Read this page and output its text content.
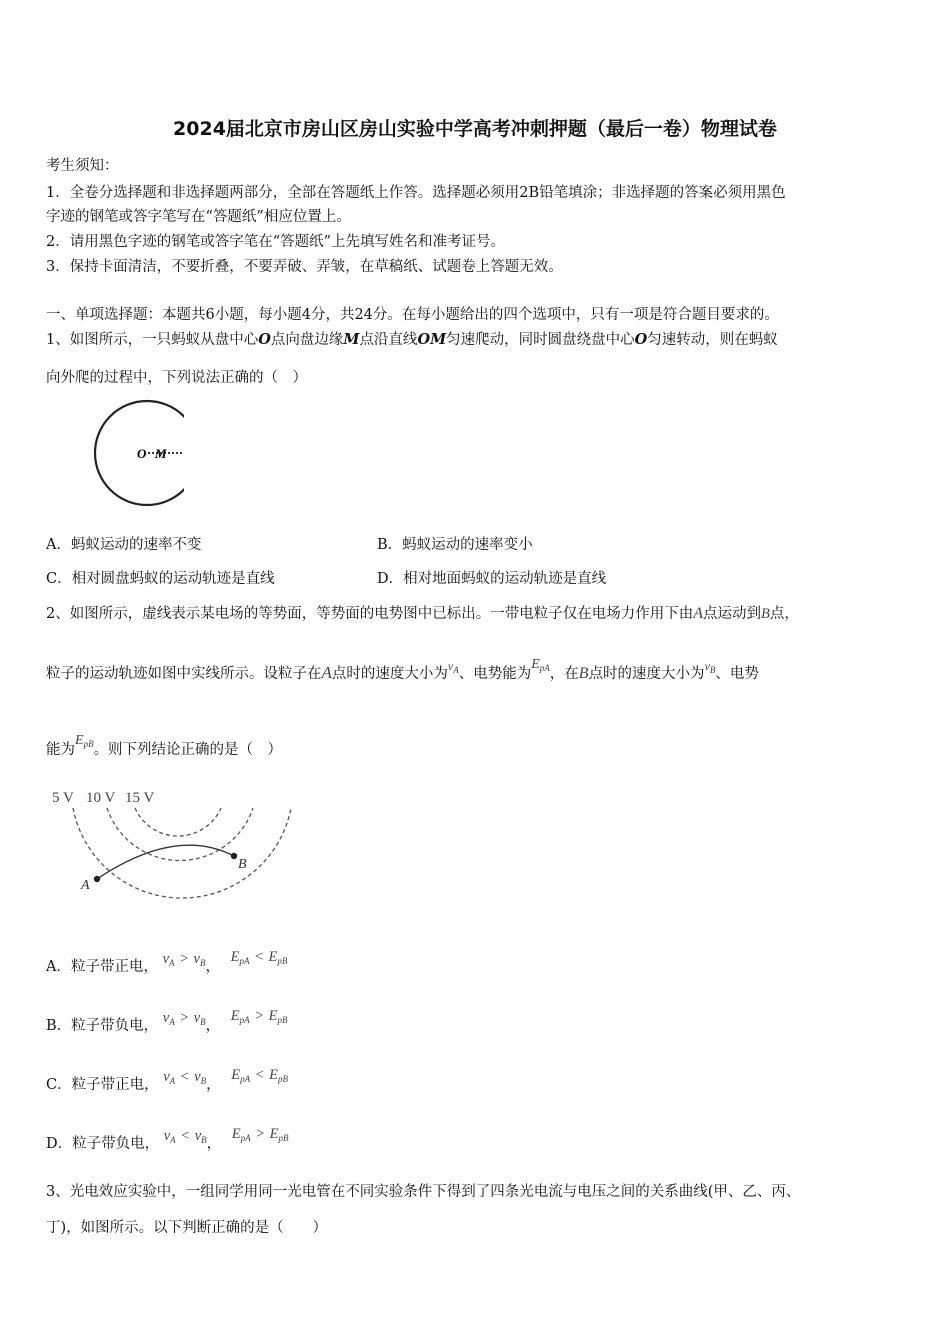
2024届北京市房山区房山实验中学高考冲刺押题（最后一卷）物理试卷
考生须知：
1．全卷分选择题和非选择题两部分，全部在答题纸上作答。选择题必须用2B铅笔填涂；非选择题的答案必须用黑色
字迹的钢笔或答字笔写在“答题纸”相应位置上。
2．请用黑色字迹的钢笔或答字笔在“答题纸”上先填写姓名和准考证号。
3．保持卡面清洁，不要折叠，不要弄破、弄皱，在草稿纸、试题卷上答题无效。
一、单项选择题：本题共6小题，每小题4分，共24分。在每小题给出的四个选项中，只有一项是符合题目要求的。
1、如图所示，一只蚂蚁从盘中心O点向盘边缘M点沿直线OM匀速爬动，同时圆盘绕盘中心O匀速转动，则在蚂蚁
向外爬的过程中，下列说法正确的（　）
O M
A．蚂蚁运动的速率不变	B．蚂蚁运动的速率变小
C．相对圆盘蚂蚁的运动轨迹是直线	D．相对地面蚂蚁的运动轨迹是直线
2、如图所示，虚线表示某电场的等势面，等势面的电势图中已标出。一带电粒子仅在电场力作用下由A点运动到B点，
粒子的运动轨迹如图中实线所示。设粒子在A点时的速度大小为$v_A$、电势能为$E_{pA}$，在B点时的速度大小为$v_B$、电势
能为$E_{pB}$。则下列结论正确的是（　）
5 V 10 V 15 V
A
B
A．粒子带正电， $v_A > v_B$， $E_{pA} < E_{pB}$
B．粒子带负电， $v_A > v_B$， $E_{pA} > E_{pB}$
C．粒子带正电， $v_A < v_B$， $E_{pA} < E_{pB}$
D．粒子带负电， $v_A < v_B$， $E_{pA} > E_{pB}$
3、光电效应实验中，一组同学用同一光电管在不同实验条件下得到了四条光电流与电压之间的关系曲线(甲、乙、丙、
丁)，如图所示。以下判断正确的是（　　）
